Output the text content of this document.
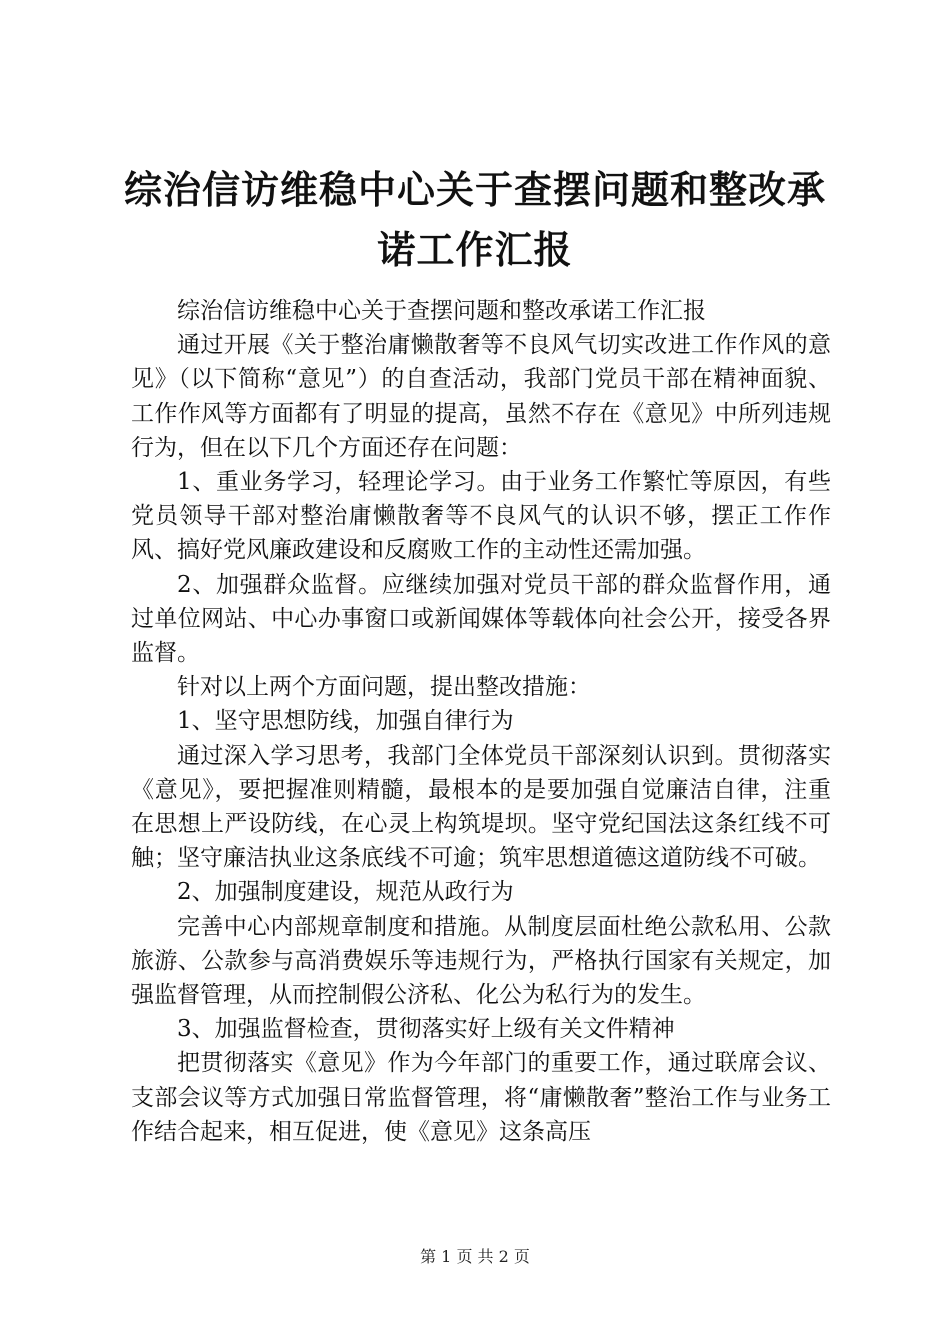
综治信访维稳中心关于查摆问题和整改承诺工作汇报

综治信访维稳中心关于查摆问题和整改承诺工作汇报

通过开展《关于整治庸懒散奢等不良风气切实改进工作作风的意见》（以下简称“意见”）的自查活动，我部门党员干部在精神面貌、工作作风等方面都有了明显的提高，虽然不存在《意见》中所列违规行为，但在以下几个方面还存在问题：

1、重业务学习，轻理论学习。由于业务工作繁忙等原因，有些党员领导干部对整治庸懒散奢等不良风气的认识不够，摆正工作作风、搞好党风廉政建设和反腐败工作的主动性还需加强。

2、加强群众监督。应继续加强对党员干部的群众监督作用，通过单位网站、中心办事窗口或新闻媒体等载体向社会公开，接受各界监督。

针对以上两个方面问题，提出整改措施：

1、坚守思想防线，加强自律行为

通过深入学习思考，我部门全体党员干部深刻认识到。贯彻落实《意见》，要把握准则精髓，最根本的是要加强自觉廉洁自律，注重在思想上严设防线，在心灵上构筑堤坝。坚守党纪国法这条红线不可触；坚守廉洁执业这条底线不可逾；筑牢思想道德这道防线不可破。

2、加强制度建设，规范从政行为

完善中心内部规章制度和措施。从制度层面杜绝公款私用、公款旅游、公款参与高消费娱乐等违规行为，严格执行国家有关规定，加强监督管理，从而控制假公济私、化公为私行为的发生。

3、加强监督检查，贯彻落实好上级有关文件精神

把贯彻落实《意见》作为今年部门的重要工作，通过联席会议、支部会议等方式加强日常监督管理，将“庸懒散奢”整治工作与业务工作结合起来，相互促进，使《意见》这条高压

第 1 页 共 2 页
